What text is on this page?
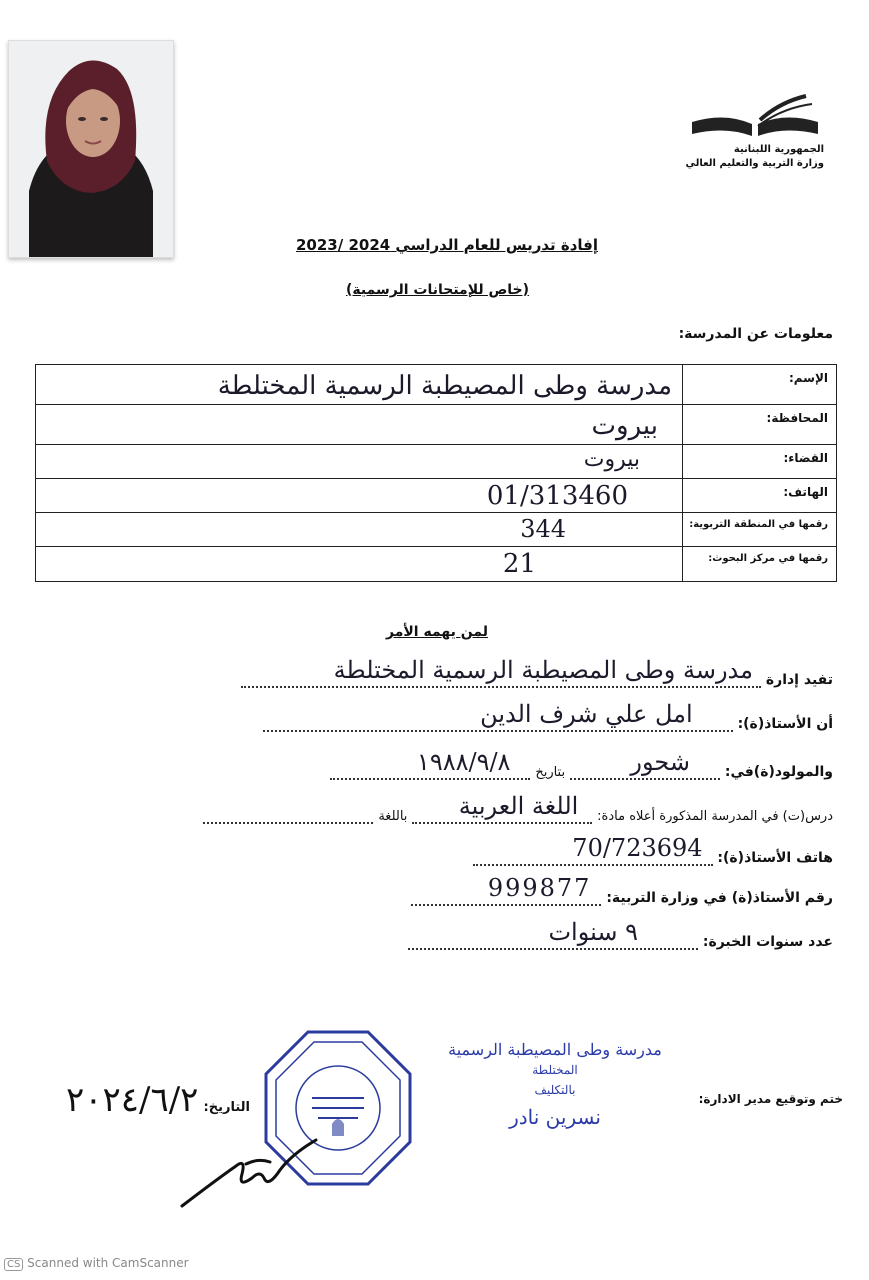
الجمهورية اللبنانية
وزارة التربية والتعليم العالي
إفادة تدريس للعام الدراسي 2024 /2023
(خاص للإمتحانات الرسمية)
معلومات عن المدرسة:
الإسم:
مدرسة وطى المصيطبة الرسمية المختلطة
المحافظة:
بيروت
القضاء:
بيروت
الهاتف:
01/313460
رقمها في المنطقة التربوية:
344
رقمها في مركز البحوث:
21
لمن يهمه الأمر
تفيد إدارة
مدرسة وطى المصيطبة الرسمية المختلطة
أن الأستاذ(ة):
امل علي شرف الدين
والمولود(ة)في:
شحور
بتاريخ
١٩٨٨/٩/٨
درس(ت) في المدرسة المذكورة أعلاه مادة:
اللغة العربية
باللغة
هاتف الأستاذ(ة):
70/723694
رقم الأستاذ(ة) في وزارة التربية:
999877
عدد سنوات الخبرة:
٩ سنوات
مدرسة وطى المصيطبة الرسمية
المختلطة
بالتكليف
نسرين نادر
ختم وتوقيع مدير الادارة:
التاريخ: ٢٠٢٤/٦/٢
CS Scanned with CamScanner
